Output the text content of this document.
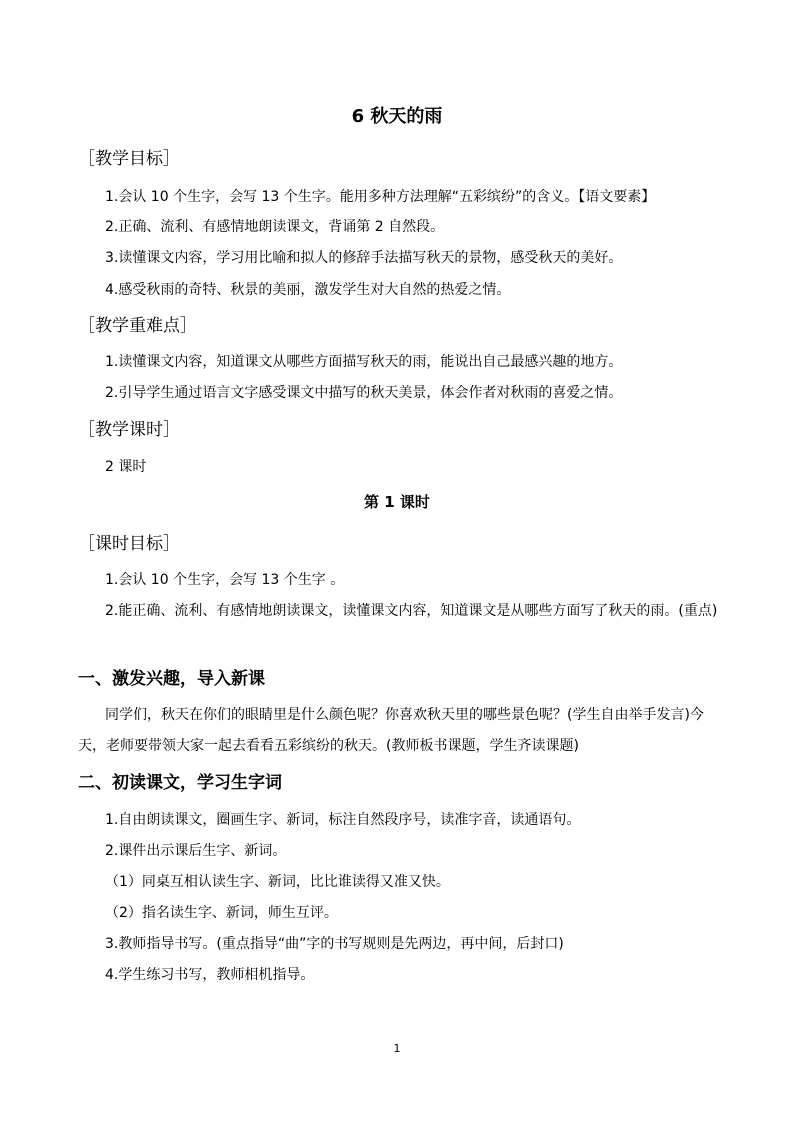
6 秋天的雨
［教学目标］
1.会认 10 个生字，会写 13 个生字。能用多种方法理解“五彩缤纷”的含义。【语文要素】
2.正确、流利、有感情地朗读课文，背诵第 2 自然段。
3.读懂课文内容，学习用比喻和拟人的修辞手法描写秋天的景物，感受秋天的美好。
4.感受秋雨的奇特、秋景的美丽，激发学生对大自然的热爱之情。
［教学重难点］
1.读懂课文内容，知道课文从哪些方面描写秋天的雨，能说出自己最感兴趣的地方。
2.引导学生通过语言文字感受课文中描写的秋天美景，体会作者对秋雨的喜爱之情。
［教学课时］
2 课时
第 1 课时
［课时目标］
1.会认 10 个生字，会写 13 个生字 。
2.能正确、流利、有感情地朗读课文，读懂课文内容，知道课文是从哪些方面写了秋天的雨。(重点)
一、激发兴趣，导入新课
同学们，秋天在你们的眼睛里是什么颜色呢？你喜欢秋天里的哪些景色呢？(学生自由举手发言)今天，老师要带领大家一起去看看五彩缤纷的秋天。(教师板书课题，学生齐读课题)
二、初读课文，学习生字词
1.自由朗读课文，圈画生字、新词，标注自然段序号，读准字音，读通语句。
2.课件出示课后生字、新词。
（1）同桌互相认读生字、新词，比比谁读得又准又快。
（2）指名读生字、新词，师生互评。
3.教师指导书写。(重点指导“曲”字的书写规则是先两边，再中间，后封口)
4.学生练习书写，教师相机指导。
1
